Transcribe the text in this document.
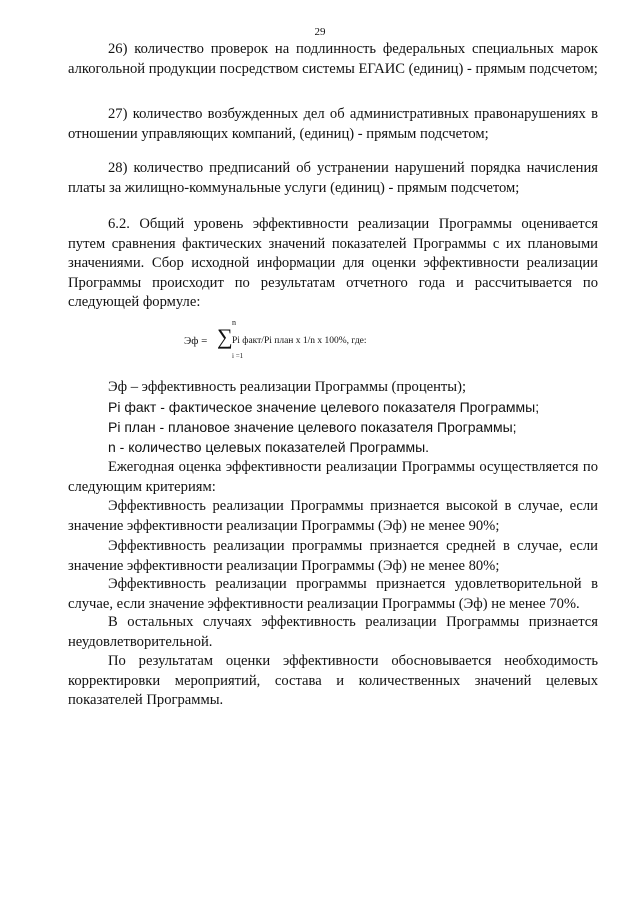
29

26) количество проверок на подлинность федеральных специальных марок алкогольной продукции посредством системы ЕГАИС (единиц) - прямым подсчетом;

27) количество возбужденных дел об административных правонарушениях в отношении управляющих компаний, (единиц) - прямым подсчетом;

28) количество предписаний об устранении нарушений порядка начисления платы за жилищно-коммунальные услуги (единиц) - прямым подсчетом;

6.2. Общий уровень эффективности реализации Программы оценивается путем сравнения фактических значений показателей Программы с их плановыми значениями. Сбор исходной информации для оценки эффективности реализации Программы происходит по результатам отчетного года и рассчитывается по следующей формуле:

Эф = ∑
n
Pi факт/Pi план x 1/n x 100%, где:
i =1

Эф – эффективность реализации Программы (проценты);

Pi факт - фактическое значение целевого показателя Программы;

Pi план - плановое значение целевого показателя Программы;

n - количество целевых показателей Программы.

Ежегодная оценка эффективности реализации Программы осуществляется по следующим критериям:

Эффективность реализации Программы признается высокой в случае, если значение эффективности реализации Программы (Эф) не менее 90%;

Эффективность реализации программы признается средней в случае, если значение эффективности реализации Программы (Эф) не менее 80%;

Эффективность реализации программы признается удовлетворительной в случае, если значение эффективности реализации Программы (Эф) не менее 70%.

В остальных случаях эффективность реализации Программы признается неудовлетворительной.

По результатам оценки эффективности обосновывается необходимость корректировки мероприятий, состава и количественных значений целевых показателей Программы.
